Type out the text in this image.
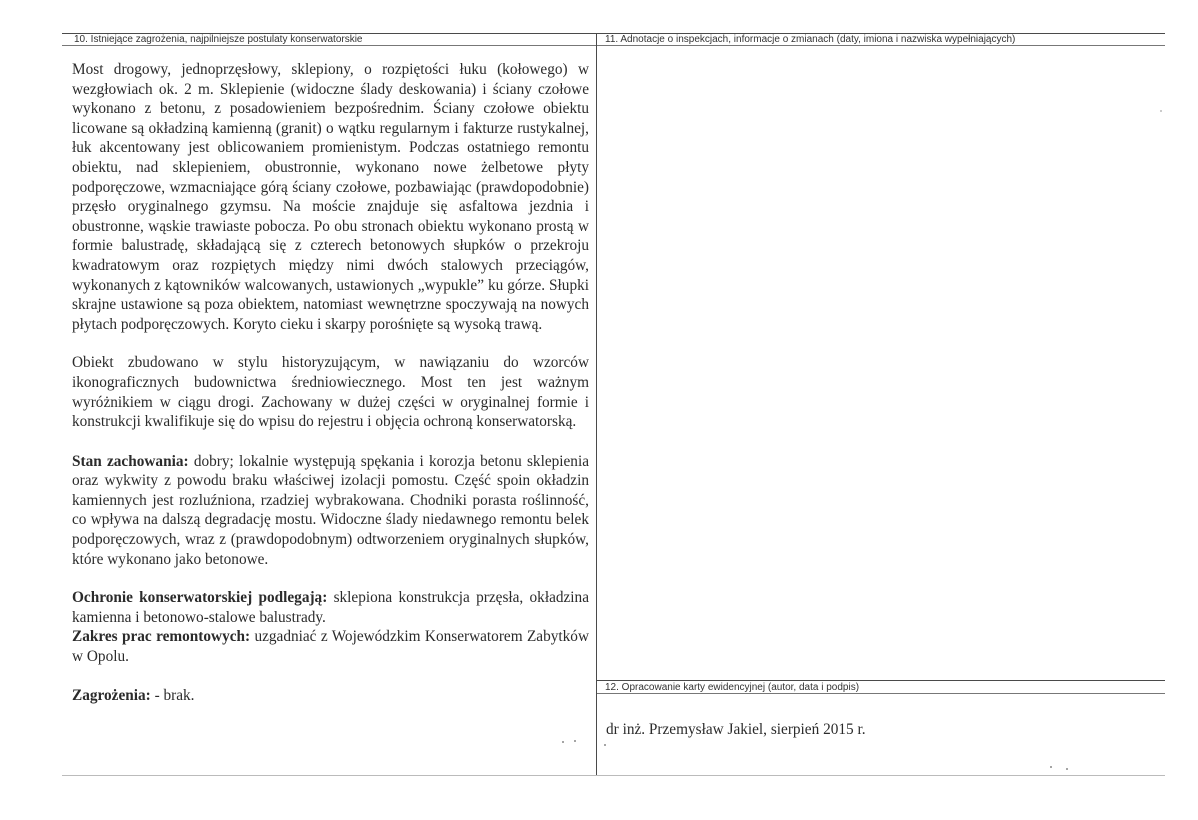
10. Istniejące zagrożenia, najpilniejsze postulaty konserwatorskie	11. Adnotacje o inspekcjach, informacje o zmianach (daty, imiona i nazwiska wypełniających)
12. Opracowanie karty ewidencyjnej (autor, data i podpis)

Most drogowy, jednoprzęsłowy, sklepiony, o rozpiętości łuku (kołowego) w wezgłowiach ok. 2 m. Sklepienie (widoczne ślady deskowania) i ściany czołowe wykonano z betonu, z posadowieniem bezpośrednim. Ściany czołowe obiektu licowane są okładziną kamienną (granit) o wątku regularnym i fakturze rustykalnej, łuk akcentowany jest oblicowaniem promienistym. Podczas ostatniego remontu obiektu, nad sklepieniem, obustronnie, wykonano nowe żelbetowe płyty podporęczowe, wzmacniające górą ściany czołowe, pozbawiając (prawdopodobnie) przęsło oryginalnego gzymsu. Na moście znajduje się asfaltowa jezdnia i obustronne, wąskie trawiaste pobocza. Po obu stronach obiektu wykonano prostą w formie balustradę, składającą się z czterech betonowych słupków o przekroju kwadratowym oraz rozpiętych między nimi dwóch stalowych przeciągów, wykonanych z kątowników walcowanych, ustawionych „wypukle” ku górze. Słupki skrajne ustawione są poza obiektem, natomiast wewnętrzne spoczywają na nowych płytach podporęczowych. Koryto cieku i skarpy porośnięte są wysoką trawą.

Obiekt zbudowano w stylu historyzującym, w nawiązaniu do wzorców ikonograficznych budownictwa średniowiecznego. Most ten jest ważnym wyróżnikiem w ciągu drogi. Zachowany w dużej części w oryginalnej formie i konstrukcji kwalifikuje się do wpisu do rejestru i objęcia ochroną konserwatorską.

Stan zachowania: dobry; lokalnie występują spękania i korozja betonu sklepienia oraz wykwity z powodu braku właściwej izolacji pomostu. Część spoin okładzin kamiennych jest rozluźniona, rzadziej wybrakowana. Chodniki porasta roślinność, co wpływa na dalszą degradację mostu. Widoczne ślady niedawnego remontu belek podporęczowych, wraz z (prawdopodobnym) odtworzeniem oryginalnych słupków, które wykonano jako betonowe.

Ochronie konserwatorskiej podlegają: sklepiona konstrukcja przęsła, okładzina kamienna i betonowo-stalowe balustrady.

Zakres prac remontowych: uzgadniać z Wojewódzkim Konserwatorem Zabytków w Opolu.

Zagrożenia: - brak.

dr inż. Przemysław Jakiel, sierpień 2015 r.
